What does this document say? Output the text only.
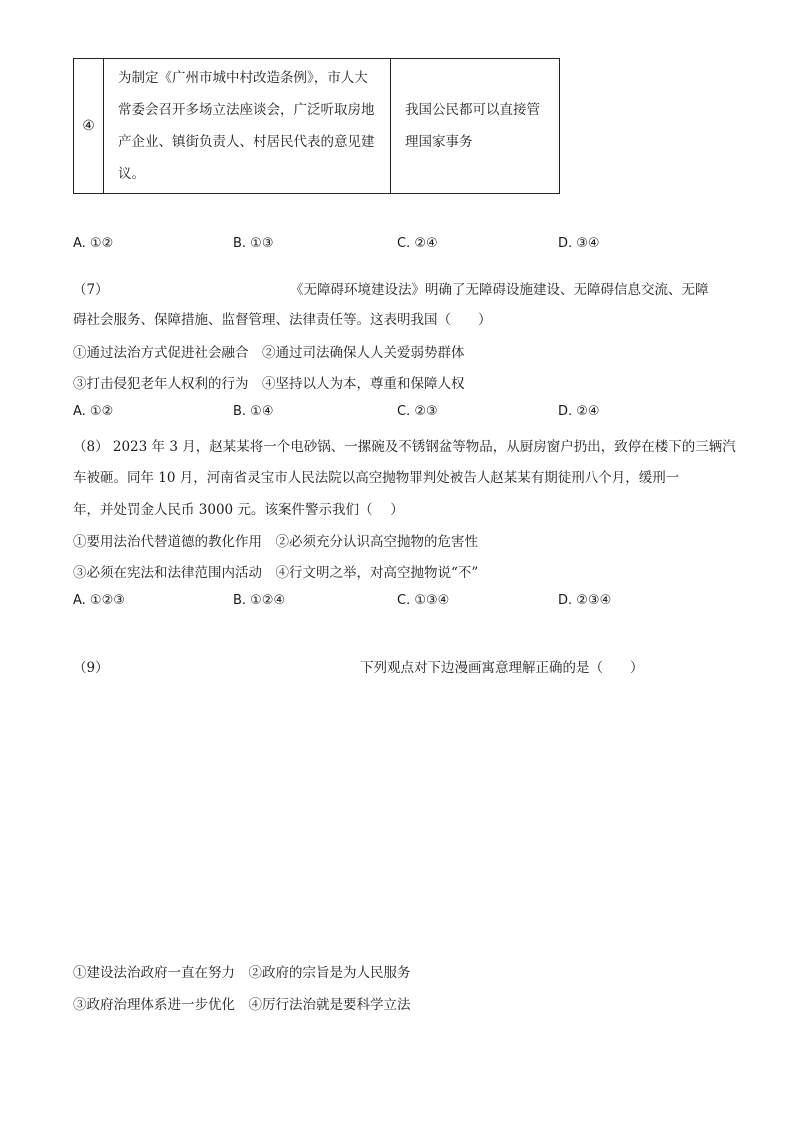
④	为制定《广州市城中村改造条例》，市人大常委会召开多场立法座谈会，广泛听取房地产企业、镇街负责人、村居民代表的意见建议。	我国公民都可以直接管理国家事务
A. ①②	B. ①③	C. ②④	D. ③④
（7）	《无障碍环境建设法》明确了无障碍设施建设、无障碍信息交流、无障
碍社会服务、保障措施、监督管理、法律责任等。这表明我国（　　）
①通过法治方式促进社会融合　②通过司法确保人人关爱弱势群体
③打击侵犯老年人权利的行为　④坚持以人为本，尊重和保障人权
A. ①②	B. ①④	C. ②③	D. ②④
（8） 2023 年 3 月，赵某某将一个电砂锅、一摞碗及不锈钢盆等物品，从厨房窗户扔出，致停在楼下的三辆汽
车被砸。同年 10 月，河南省灵宝市人民法院以高空抛物罪判处被告人赵某某有期徒刑八个月，缓刑一
年，并处罚金人民币 3000 元。该案件警示我们（　 ）
①要用法治代替道德的教化作用　②必须充分认识高空抛物的危害性
③必须在宪法和法律范围内活动　④行文明之举，对高空抛物说“不”
A. ①②③	B. ①②④	C. ①③④	D. ②③④
（9）	下列观点对下边漫画寓意理解正确的是（　　）
①建设法治政府一直在努力　②政府的宗旨是为人民服务
③政府治理体系进一步优化　④厉行法治就是要科学立法
